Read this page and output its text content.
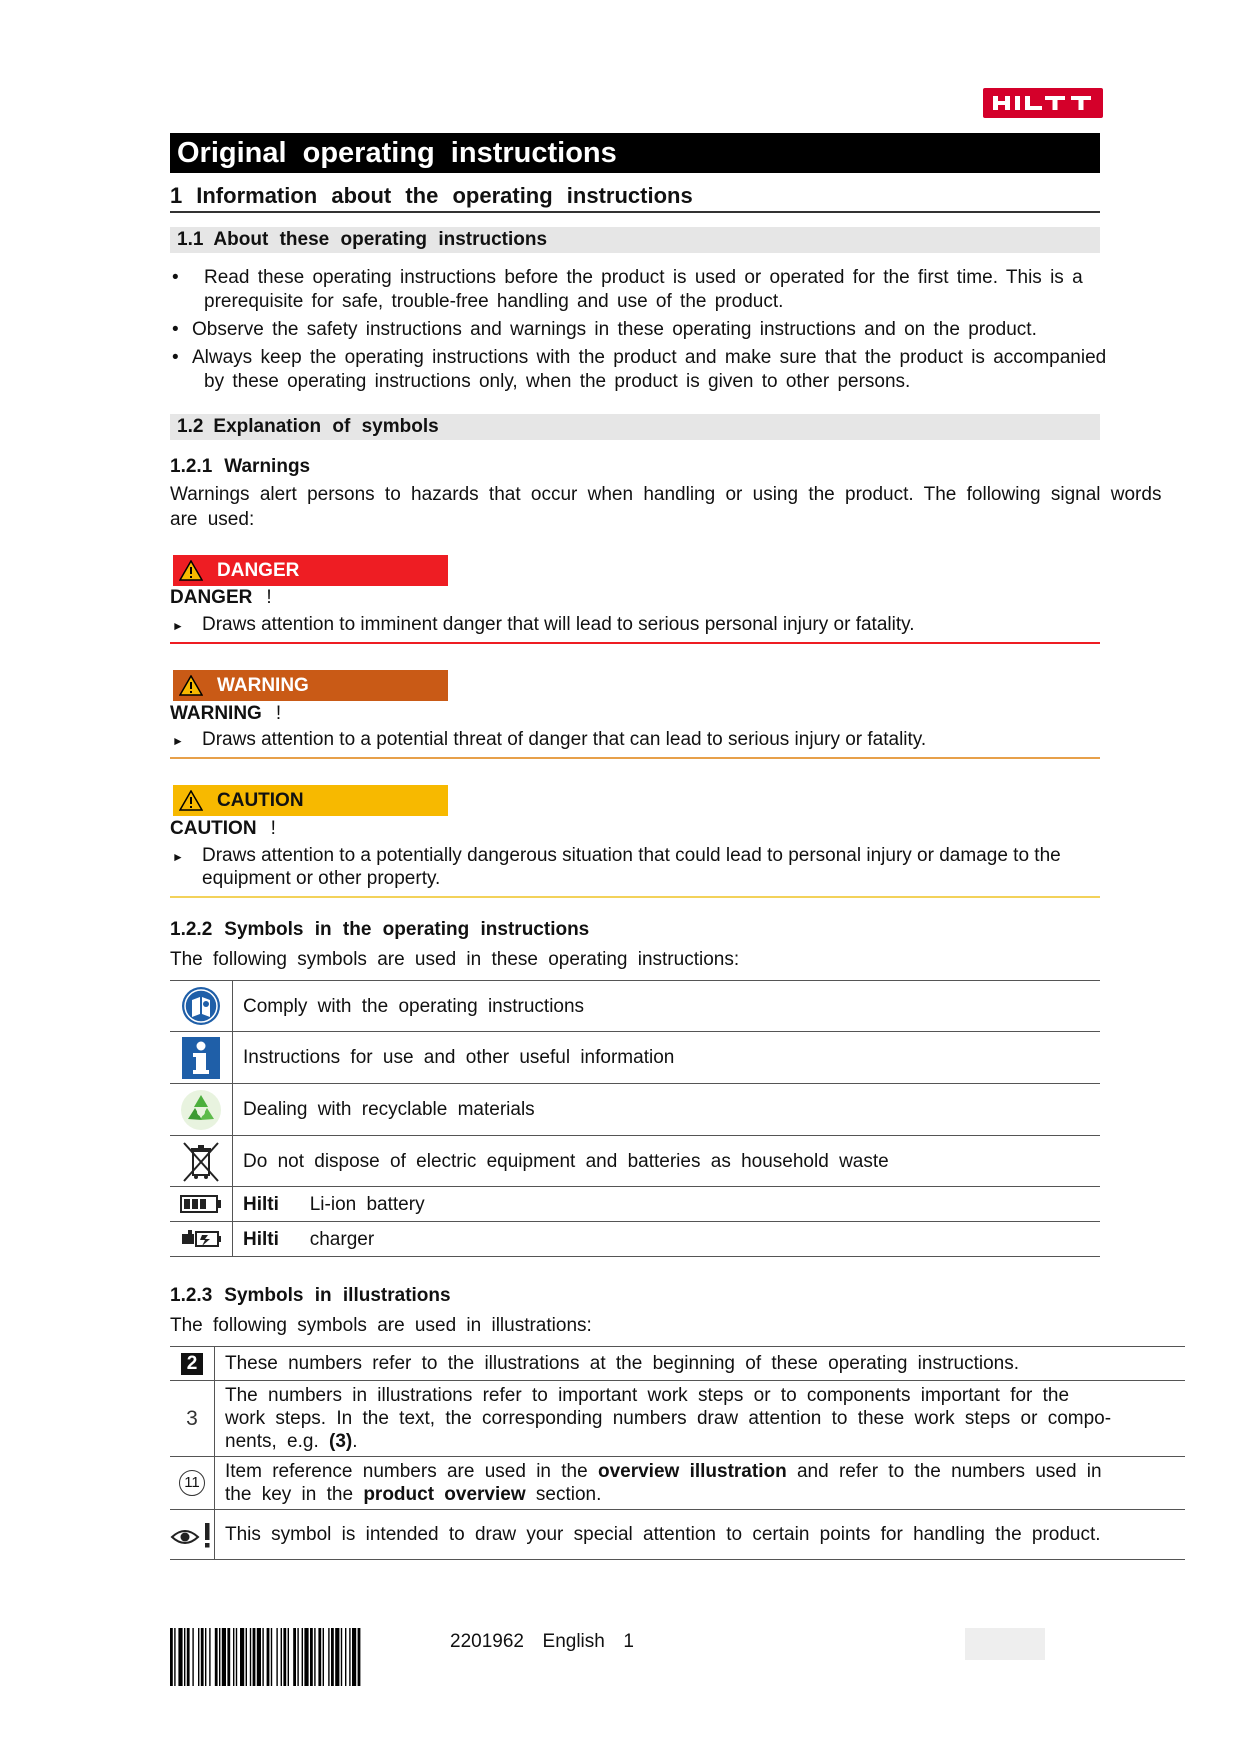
Original operating instructions
1 Information about the operating instructions
1.1 About these operating instructions
• Read these operating instructions before the product is used or operated for the first time. This is a
prerequisite for safe, trouble-free handling and use of the product.
• Observe the safety instructions and warnings in these operating instructions and on the product.
• Always keep the operating instructions with the product and make sure that the product is accompanied
by these operating instructions only, when the product is given to other persons.
1.2 Explanation of symbols
1.2.1 Warnings
Warnings alert persons to hazards that occur when handling or using the product. The following signal words
are used:
DANGER
DANGER !
► Draws attention to imminent danger that will lead to serious personal injury or fatality.
WARNING
WARNING !
► Draws attention to a potential threat of danger that can lead to serious injury or fatality.
CAUTION
CAUTION !
► Draws attention to a potentially dangerous situation that could lead to personal injury or damage to the
equipment or other property.
1.2.2 Symbols in the operating instructions
The following symbols are used in these operating instructions:
	Comply with the operating instructions

	Instructions for use and other useful information

	Dealing with recyclable materials

	Do not dispose of electric equipment and batteries as household waste

	Hilti Li-ion battery

	Hilti charger
1.2.3 Symbols in illustrations
The following symbols are used in illustrations:
2	These numbers refer to the illustrations at the beginning of these operating instructions.

3	The numbers in illustrations refer to important work steps or to components important for the
work steps. In the text, the corresponding numbers draw attention to these work steps or compo-
nents, e.g. (3).

11	Item reference numbers are used in the overview illustration and refer to the numbers used in
the key in the product overview section.

This symbol is intended to draw your special attention to certain points for handling the product.
2201962 English 1
